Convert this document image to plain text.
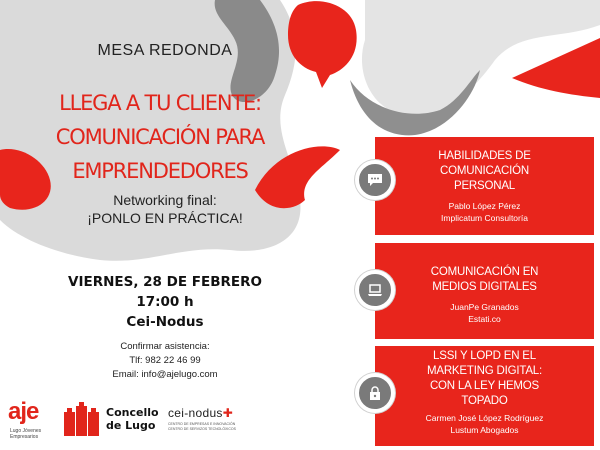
MESA REDONDA
LLEGA A TU CLIENTE:
COMUNICACIÓN PARA
EMPRENDEDORES
Networking final:
¡PONLO EN PRÁCTICA!
VIERNES, 28 DE FEBRERO
17:00 h
Cei-Nodus
Confirmar asistencia:
Tlf: 982 22 46 99
Email: info@ajelugo.com
aje
Lugo Jóvenes Empresarios
Concello
de Lugo
cei-nodus✚
CENTRO DE EMPRESAS E INNOVACIÓN CENTRO DE SERVIZOS TECNOLÓXICOS
HABILIDADES DE
COMUNICACIÓN
PERSONAL
Pablo López Pérez
Implicatum Consultoría
COMUNICACIÓN EN
MEDIOS DIGITALES
JuanPe Granados
Estati.co
LSSI Y LOPD EN EL
MARKETING DIGITAL:
CON LA LEY HEMOS
TOPADO
Carmen José López Rodríguez
Lustum Abogados
